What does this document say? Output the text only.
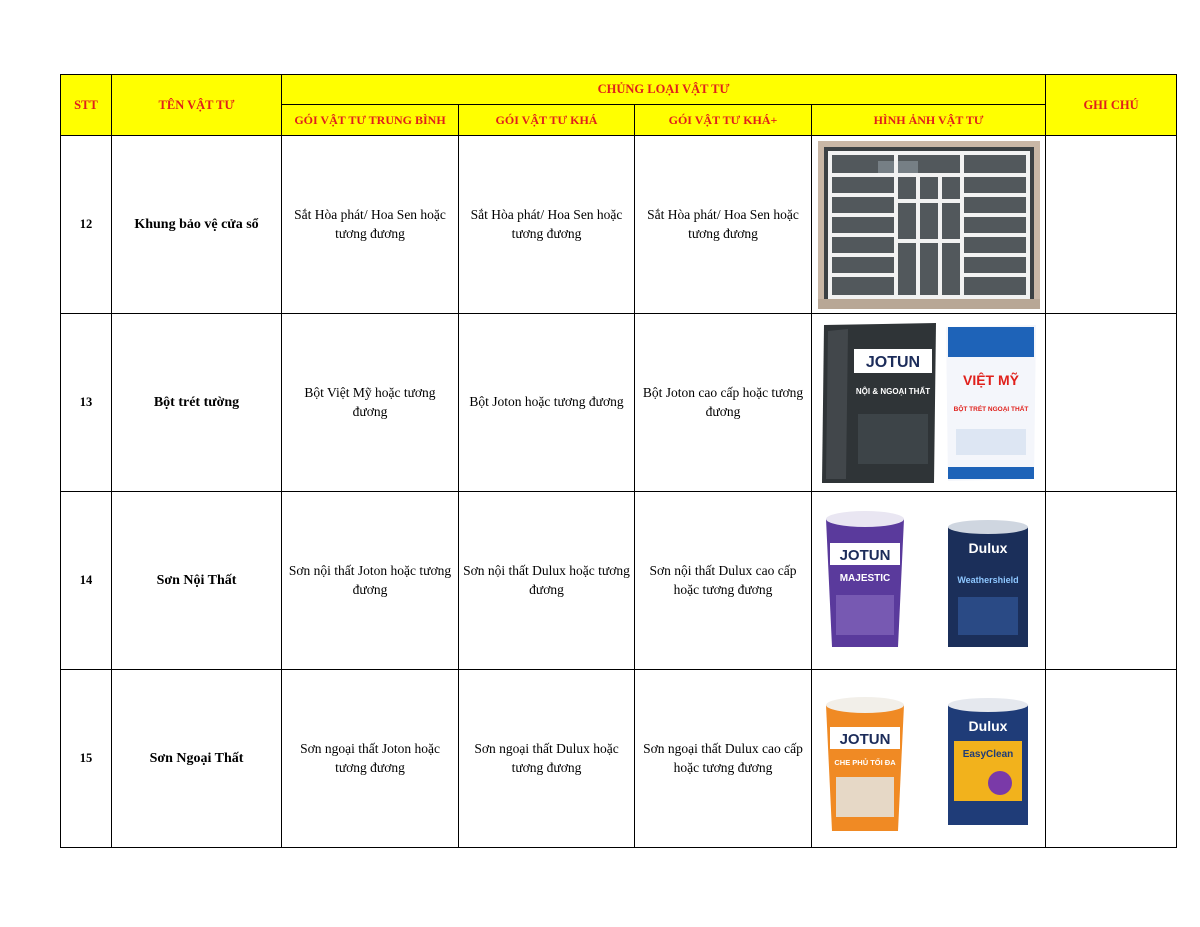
STT	TÊN VẬT TƯ	CHỦNG LOẠI VẬT TƯ				GHI CHÚ
		GÓI VẬT TƯ TRUNG BÌNH	GÓI VẬT TƯ KHÁ	GÓI VẬT TƯ KHÁ+	HÌNH ẢNH VẬT TƯ	
12	Khung bảo vệ cửa sổ	Sắt Hòa phát/ Hoa Sen hoặc tương đương	Sắt Hòa phát/ Hoa Sen hoặc tương đương	Sắt Hòa phát/ Hoa Sen hoặc tương đương	

13	Bột trét tường	Bột Việt Mỹ hoặc tương đương	Bột Joton hoặc tương đương	Bột Joton cao cấp hoặc tương đương	JOTUN
NỘI & NGOẠI THẤT
VIỆT MỸ
BỘT TRÉT NGOẠI THẤT	

14	Sơn Nội Thất	Sơn nội thất Joton hoặc tương đương	Sơn nội thất Dulux hoặc tương đương	Sơn nội thất Dulux cao cấp hoặc tương đương	JOTUN
MAJESTIC
Dulux
Weathershield	

15	Sơn Ngoại Thất	Sơn ngoại thất Joton hoặc tương đương	Sơn ngoại thất Dulux hoặc tương đương	Sơn ngoại thất Dulux cao cấp hoặc tương đương	JOTUN
CHE PHỦ TỐI ĐA
Dulux
EasyClean	
